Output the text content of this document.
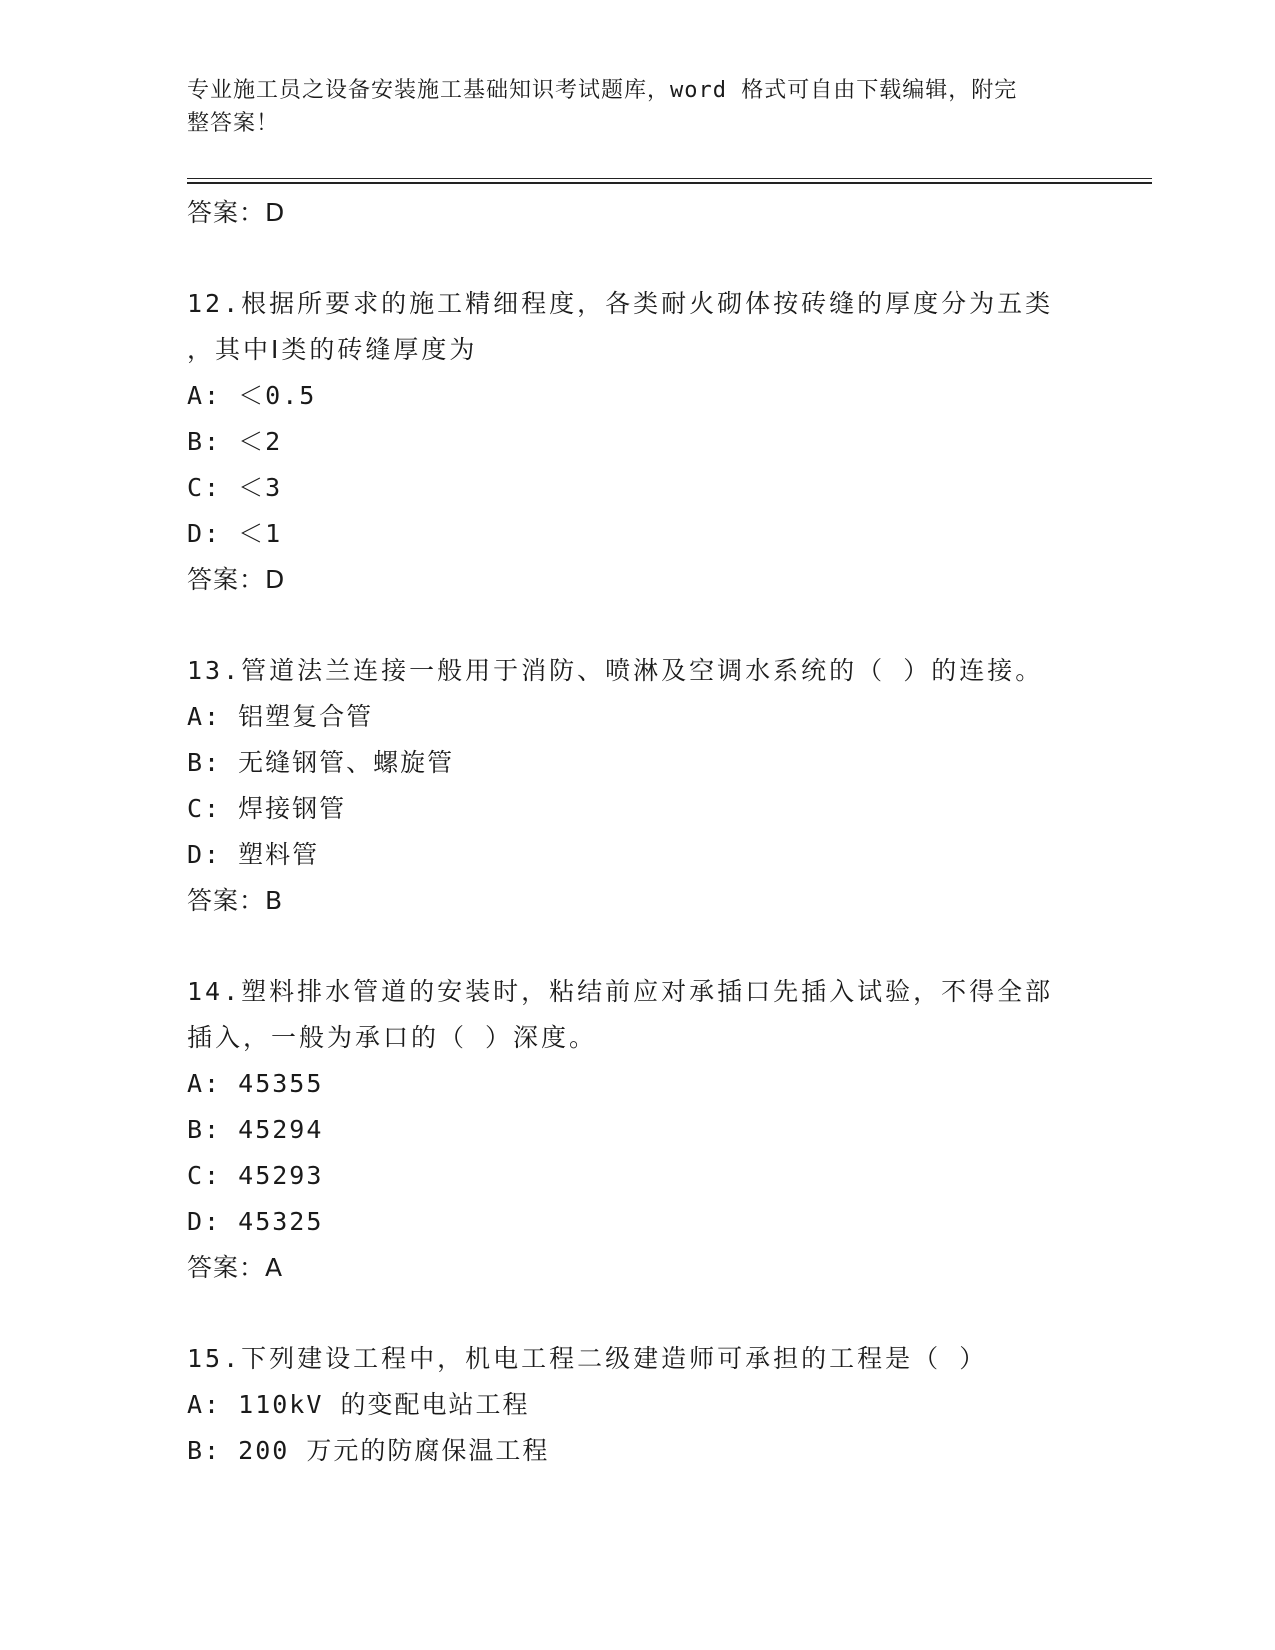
专业施工员之设备安装施工基础知识考试题库，word 格式可自由下载编辑，附完
整答案！
答案：D
12.根据所要求的施工精细程度，各类耐火砌体按砖缝的厚度分为五类
，其中Ⅰ类的砖缝厚度为
A: ＜0.5
B: ＜2
C: ＜3
D: ＜1
答案：D
13.管道法兰连接一般用于消防、喷淋及空调水系统的（ ）的连接。
A: 铝塑复合管
B: 无缝钢管、螺旋管
C: 焊接钢管
D: 塑料管
答案：B
14.塑料排水管道的安装时，粘结前应对承插口先插入试验，不得全部
插入，一般为承口的（ ）深度。
A: 45355
B: 45294
C: 45293
D: 45325
答案：A
15.下列建设工程中，机电工程二级建造师可承担的工程是（ ）
A: 110kV 的变配电站工程
B: 200 万元的防腐保温工程
